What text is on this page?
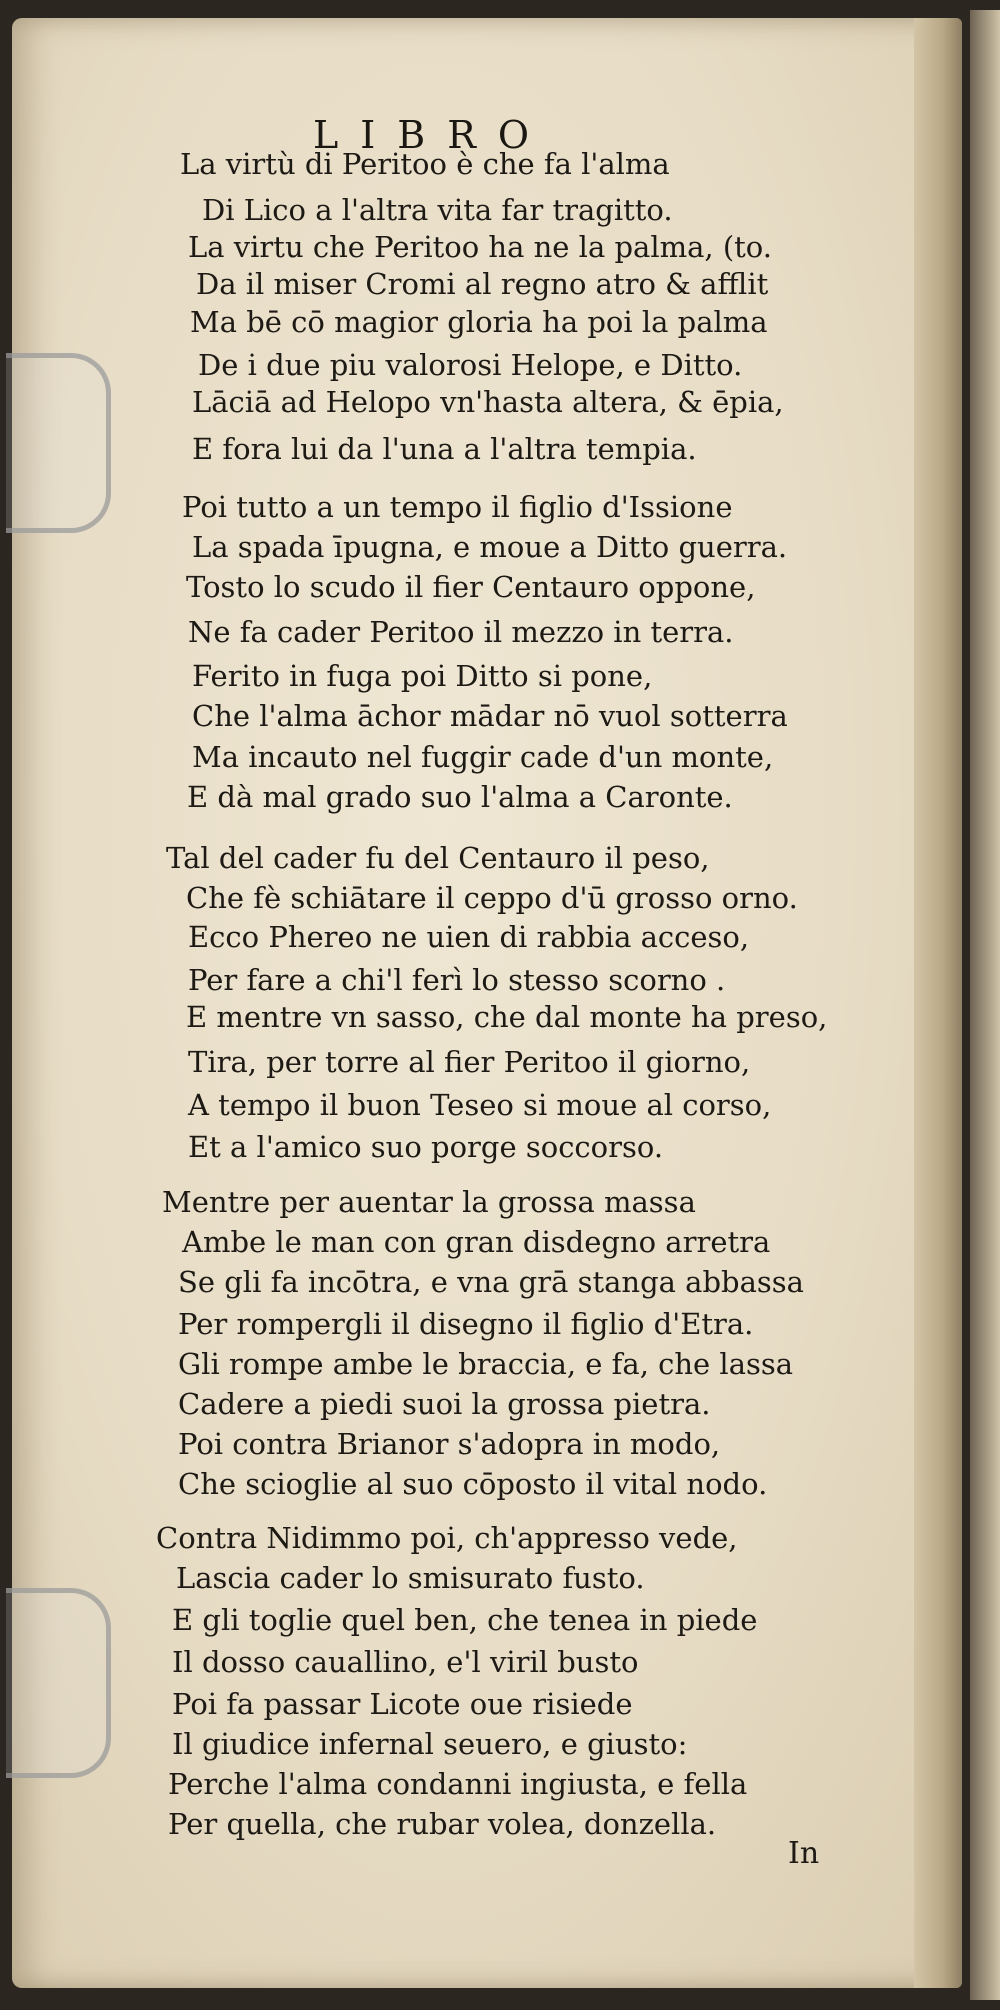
LIBRO
La virtù di Peritoo è che fa l'alma
Di Lico a l'altra vita far tragitto.
La virtu che Peritoo ha ne la palma, (to.
Da il miser Cromi al regno atro & afflit
Ma bē cō magior gloria ha poi la palma
De i due piu valorosi Helope, e Ditto.
Lāciā ad Helopo vn'hasta altera, & ēpia,
E fora lui da l'una a l'altra tempia.
Poi tutto a un tempo il figlio d'Issione
La spada īpugna, e moue a Ditto guerra.
Tosto lo scudo il fier Centauro oppone,
Ne fa cader Peritoo il mezzo in terra.
Ferito in fuga poi Ditto si pone,
Che l'alma āchor mādar nō vuol sotterra
Ma incauto nel fuggir cade d'un monte,
E dà mal grado suo l'alma a Caronte.
Tal del cader fu del Centauro il peso,
Che fè schiātare il ceppo d'ū grosso orno.
Ecco Phereo ne uien di rabbia acceso,
Per fare a chi'l ferì lo stesso scorno .
E mentre vn sasso, che dal monte ha preso,
Tira, per torre al fier Peritoo il giorno,
A tempo il buon Teseo si moue al corso,
Et a l'amico suo porge soccorso.
Mentre per auentar la grossa massa
Ambe le man con gran disdegno arretra
Se gli fa incōtra, e vna grā stanga abbassa
Per rompergli il disegno il figlio d'Etra.
Gli rompe ambe le braccia, e fa, che lassa
Cadere a piedi suoi la grossa pietra.
Poi contra Brianor s'adopra in modo,
Che scioglie al suo cōposto il vital nodo.
Contra Nidimmo poi, ch'appresso vede,
Lascia cader lo smisurato fusto.
E gli toglie quel ben, che tenea in piede
Il dosso cauallino, e'l viril busto
Poi fa passar Licote oue risiede
Il giudice infernal seuero, e giusto:
Perche l'alma condanni ingiusta, e fella
Per quella, che rubar volea, donzella.
In
